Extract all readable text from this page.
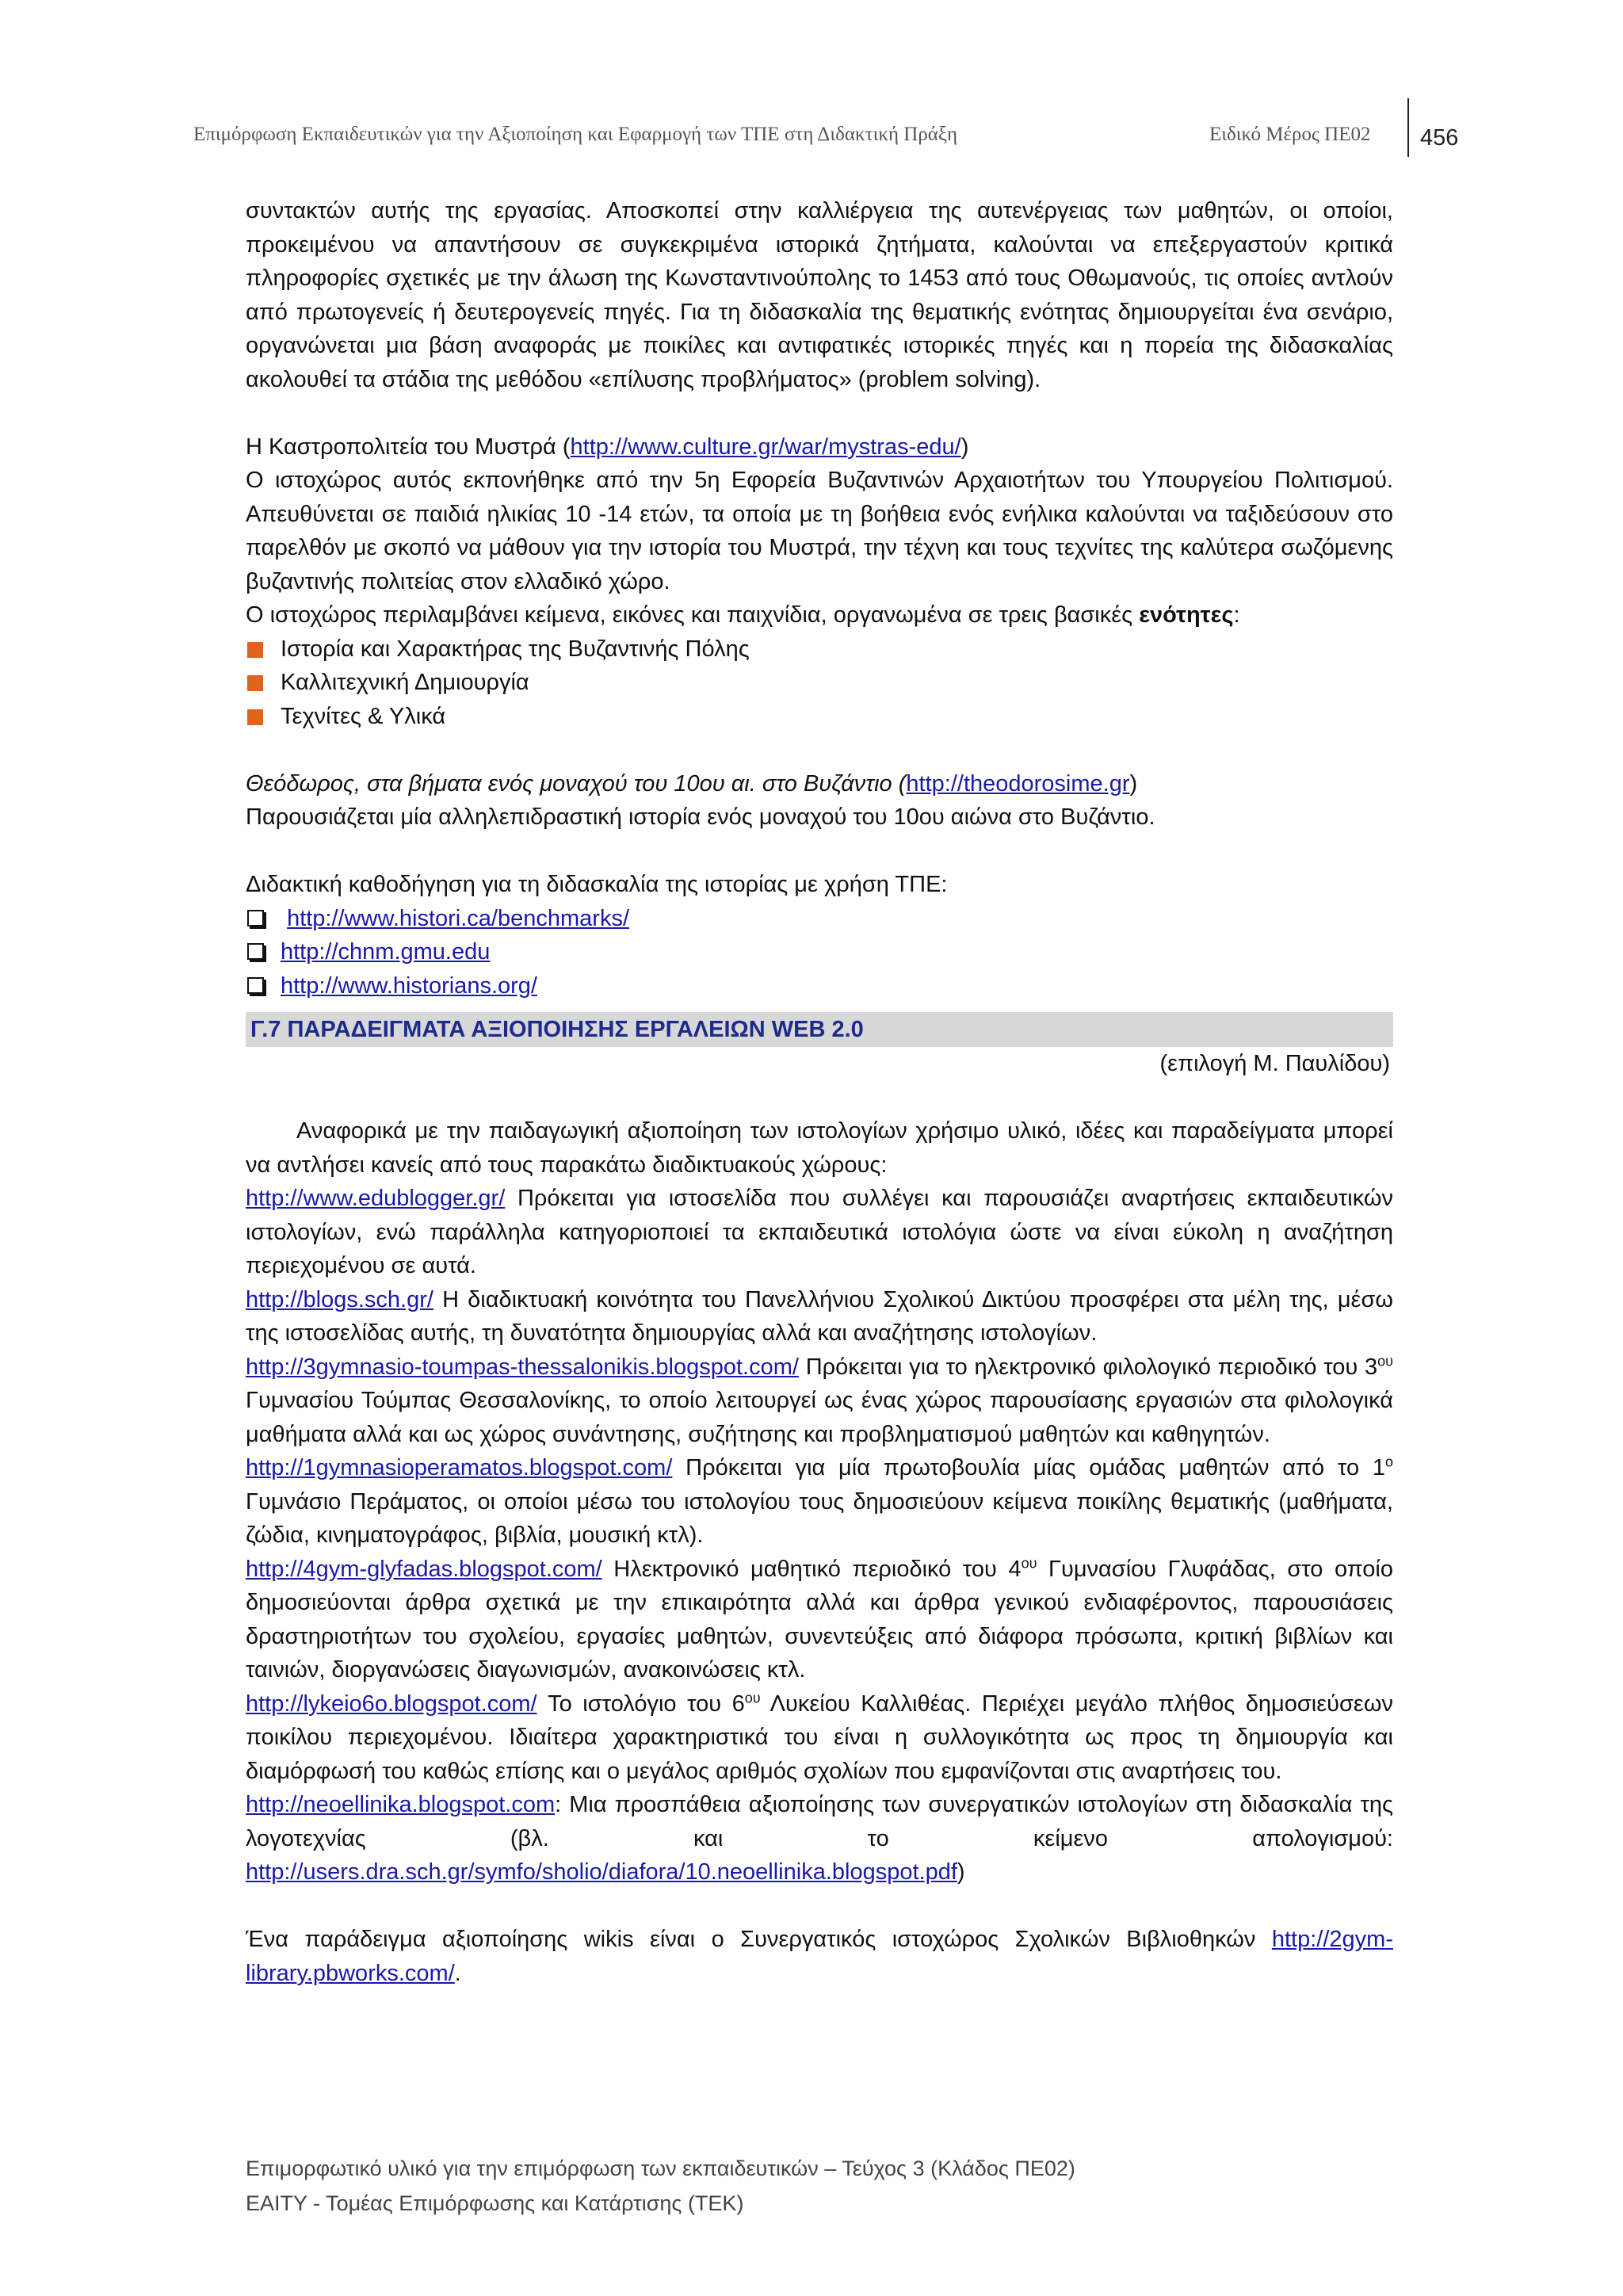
Επιμόρφωση Εκπαιδευτικών για την Αξιοποίηση και Εφαρμογή των ΤΠΕ στη Διδακτική Πράξη	Ειδικό Μέρος ΠΕ02 456

συντακτών αυτής της εργασίας. Αποσκοπεί στην καλλιέργεια της αυτενέργειας των μαθητών, οι οποίοι, προκειμένου να απαντήσουν σε συγκεκριμένα ιστορικά ζητήματα, καλούνται να επεξεργαστούν κριτικά πληροφορίες σχετικές με την άλωση της Κωνσταντινούπολης το 1453 από τους Οθωμανούς, τις οποίες αντλούν από πρωτογενείς ή δευτερογενείς πηγές. Για τη διδασκαλία της θεματικής ενότητας δημιουργείται ένα σενάριο, οργανώνεται μια βάση αναφοράς με ποικίλες και αντιφατικές ιστορικές πηγές και η πορεία της διδασκαλίας ακολουθεί τα στάδια της μεθόδου «επίλυσης προβλήματος» (problem solving).

Η Καστροπολιτεία του Μυστρά (http://www.culture.gr/war/mystras-edu/)

Ο ιστοχώρος αυτός εκπονήθηκε από την 5η Εφορεία Βυζαντινών Αρχαιοτήτων του Υπουργείου Πολιτισμού. Απευθύνεται σε παιδιά ηλικίας 10 -14 ετών, τα οποία με τη βοήθεια ενός ενήλικα καλούνται να ταξιδεύσουν στο παρελθόν με σκοπό να μάθουν για την ιστορία του Μυστρά, την τέχνη και τους τεχνίτες της καλύτερα σωζόμενης βυζαντινής πολιτείας στον ελλαδικό χώρο.

Ο ιστοχώρος περιλαμβάνει κείμενα, εικόνες και παιχνίδια, οργανωμένα σε τρεις βασικές ενότητες:

Ιστορία και Χαρακτήρας της Βυζαντινής Πόλης
Καλλιτεχνική Δημιουργία
Τεχνίτες & Υλικά

Θεόδωρος, στα βήματα ενός μοναχού του 10ου αι. στο Βυζάντιο (http://theodorosime.gr)

Παρουσιάζεται μία αλληλεπιδραστική ιστορία ενός μοναχού του 10ου αιώνα στο Βυζάντιο.

Διδακτική καθοδήγηση για τη διδασκαλία της ιστορίας με χρήση ΤΠΕ:

http://www.histori.ca/benchmarks/
http://chnm.gmu.edu
http://www.historians.org/
Γ.7 ΠΑΡΑΔΕΙΓΜΑΤΑ ΑΞΙΟΠΟΙΗΣΗΣ ΕΡΓΑΛΕΙΩΝ WEB 2.0

(επιλογή Μ. Παυλίδου)

Αναφορικά με την παιδαγωγική αξιοποίηση των ιστολογίων χρήσιμο υλικό, ιδέες και παραδείγματα μπορεί να αντλήσει κανείς από τους παρακάτω διαδικτυακούς χώρους:

http://www.edublogger.gr/ Πρόκειται για ιστοσελίδα που συλλέγει και παρουσιάζει αναρτήσεις εκπαιδευτικών ιστολογίων, ενώ παράλληλα κατηγοριοποιεί τα εκπαιδευτικά ιστολόγια ώστε να είναι εύκολη η αναζήτηση περιεχομένου σε αυτά.

http://blogs.sch.gr/ Η διαδικτυακή κοινότητα του Πανελλήνιου Σχολικού Δικτύου προσφέρει στα μέλη της, μέσω της ιστοσελίδας αυτής, τη δυνατότητα δημιουργίας αλλά και αναζήτησης ιστολογίων.

http://3gymnasio-toumpas-thessalonikis.blogspot.com/ Πρόκειται για το ηλεκτρονικό φιλολογικό περιοδικό του $3^{o\upsilon}$ Γυμνασίου Τούμπας Θεσσαλονίκης, το οποίο λειτουργεί ως ένας χώρος παρουσίασης εργασιών στα φιλολογικά μαθήματα αλλά και ως χώρος συνάντησης, συζήτησης και προβληματισμού μαθητών και καθηγητών.

http://1gymnasioperamatos.blogspot.com/ Πρόκειται για μία πρωτοβουλία μίας ομάδας μαθητών από το $1^o$ Γυμνάσιο Περάματος, οι οποίοι μέσω του ιστολογίου τους δημοσιεύουν κείμενα ποικίλης θεματικής (μαθήματα, ζώδια, κινηματογράφος, βιβλία, μουσική κτλ).

http://4gym-glyfadas.blogspot.com/ Ηλεκτρονικό μαθητικό περιοδικό του $4^{o\upsilon}$ Γυμνασίου Γλυφάδας, στο οποίο δημοσιεύονται άρθρα σχετικά με την επικαιρότητα αλλά και άρθρα γενικού ενδιαφέροντος, παρουσιάσεις δραστηριοτήτων του σχολείου, εργασίες μαθητών, συνεντεύξεις από διάφορα πρόσωπα, κριτική βιβλίων και ταινιών, διοργανώσεις διαγωνισμών, ανακοινώσεις κτλ.

http://lykeio6o.blogspot.com/ Το ιστολόγιο του $6^{o\upsilon}$ Λυκείου Καλλιθέας. Περιέχει μεγάλο πλήθος δημοσιεύσεων ποικίλου περιεχομένου. Ιδιαίτερα χαρακτηριστικά του είναι η συλλογικότητα ως προς τη δημιουργία και διαμόρφωσή του καθώς επίσης και ο μεγάλος αριθμός σχολίων που εμφανίζονται στις αναρτήσεις του.

http://neoellinika.blogspot.com: Μια προσπάθεια αξιοποίησης των συνεργατικών ιστολογίων στη διδασκαλία της λογοτεχνίας (βλ. και το κείμενο απολογισμού: http://users.dra.sch.gr/symfo/sholio/diafora/10.neoellinika.blogspot.pdf)

Ένα παράδειγμα αξιοποίησης wikis είναι ο Συνεργατικός ιστοχώρος Σχολικών Βιβλιοθηκών http://2gym-library.pbworks.com/.

Επιμορφωτικό υλικό για την επιμόρφωση των εκπαιδευτικών – Τεύχος 3 (Κλάδος ΠΕ02)
ΕΑΙΤΥ - Τομέας Επιμόρφωσης και Κατάρτισης (ΤΕΚ)
